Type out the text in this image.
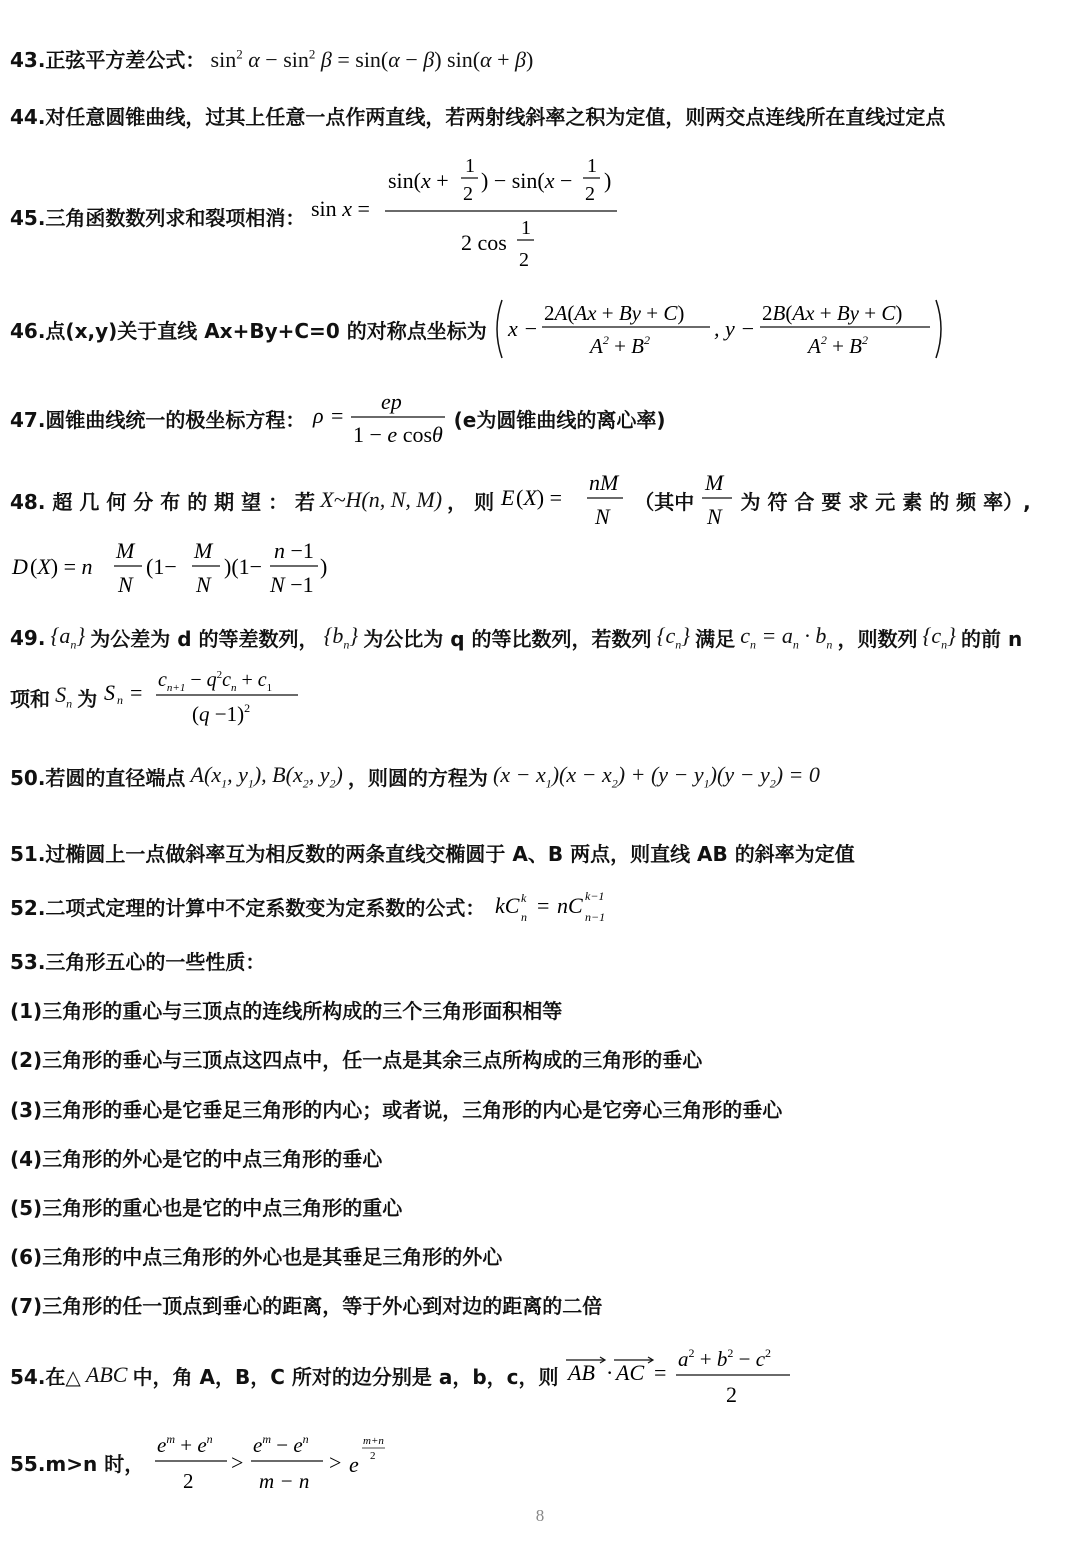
43.正弦平方差公式： $\sin^2 \alpha - \sin^2 \beta = \sin(\alpha - \beta) \sin(\alpha + \beta)$
44.对任意圆锥曲线，过其上任意一点作两直线，若两射线斜率之积为定值，则两交点连线所在直线过定点
45.三角函数数列求和裂项相消： sin x =
sin(x +
1
2
) − sin(x −
1
2
)
2 cos
1
2
46.点(x,y)关于直线 Ax+By+C=0 的对称点坐标为 x −
2A(Ax + By + C)
$A^2 + B^2$	, y −
2B(Ax + By + C)
$A^2 + B^2$
47.圆锥曲线统一的极坐标方程： ρ =
ep
1 − e cosθ
(e为圆锥曲线的离心率)
48. 超 几 何 分 布 的 期 望 ： 若 X~H(n, N, M) ， 则 E (X) =
nM
N
（其中
M
N
为 符 合 要 求 元 素 的 频 率）,
D (X) = n
M
N
(1−
M
N
)(1−
n −1
N −1
)
49. $\{a_n\}$ 为公差为 d 的等差数列， $\{b_n\}$ 为公比为 q 的等比数列，若数列 $\{c_n\}$ 满足 $c_n = a_n \cdot b_n$ ，则数列 $\{c_n\}$ 的前 n
项和 $S_n$ 为 S $n = c_{n+1} - q^2c_n + c_1$
$(q -1)^2$
50.若圆的直径端点 $A(x_1$, $y_1$), $B(x_2$, $y_2$) ，则圆的方程为 $(x - x_1)(x - x_2) + (y - y_1)(y - y_2) = 0$
51.过椭圆上一点做斜率互为相反数的两条直线交椭圆于 A、B 两点，则直线 AB 的斜率为定值
52.二项式定理的计算中不定系数变为定系数的公式： kC k
n = nC k−1
n−1
53.三角形五心的一些性质：
(1)三角形的重心与三顶点的连线所构成的三个三角形面积相等
(2)三角形的垂心与三顶点这四点中，任一点是其余三点所构成的三角形的垂心
(3)三角形的垂心是它垂足三角形的内心；或者说，三角形的内心是它旁心三角形的垂心
(4)三角形的外心是它的中点三角形的垂心
(5)三角形的重心也是它的中点三角形的重心
(6)三角形的中点三角形的外心也是其垂足三角形的外心
(7)三角形的任一顶点到垂心的距离，等于外心到对边的距离的二倍
54.在△ ABC 中，角 A，B，C 所对的边分别是 a，b，c，则 AB · AC =
$a^2 + b^2 - c^2$
2
55.m>n 时，
$e^m + e^n$
2
>
$e^m - e^n$
m − n
> e
m+n
2
8
